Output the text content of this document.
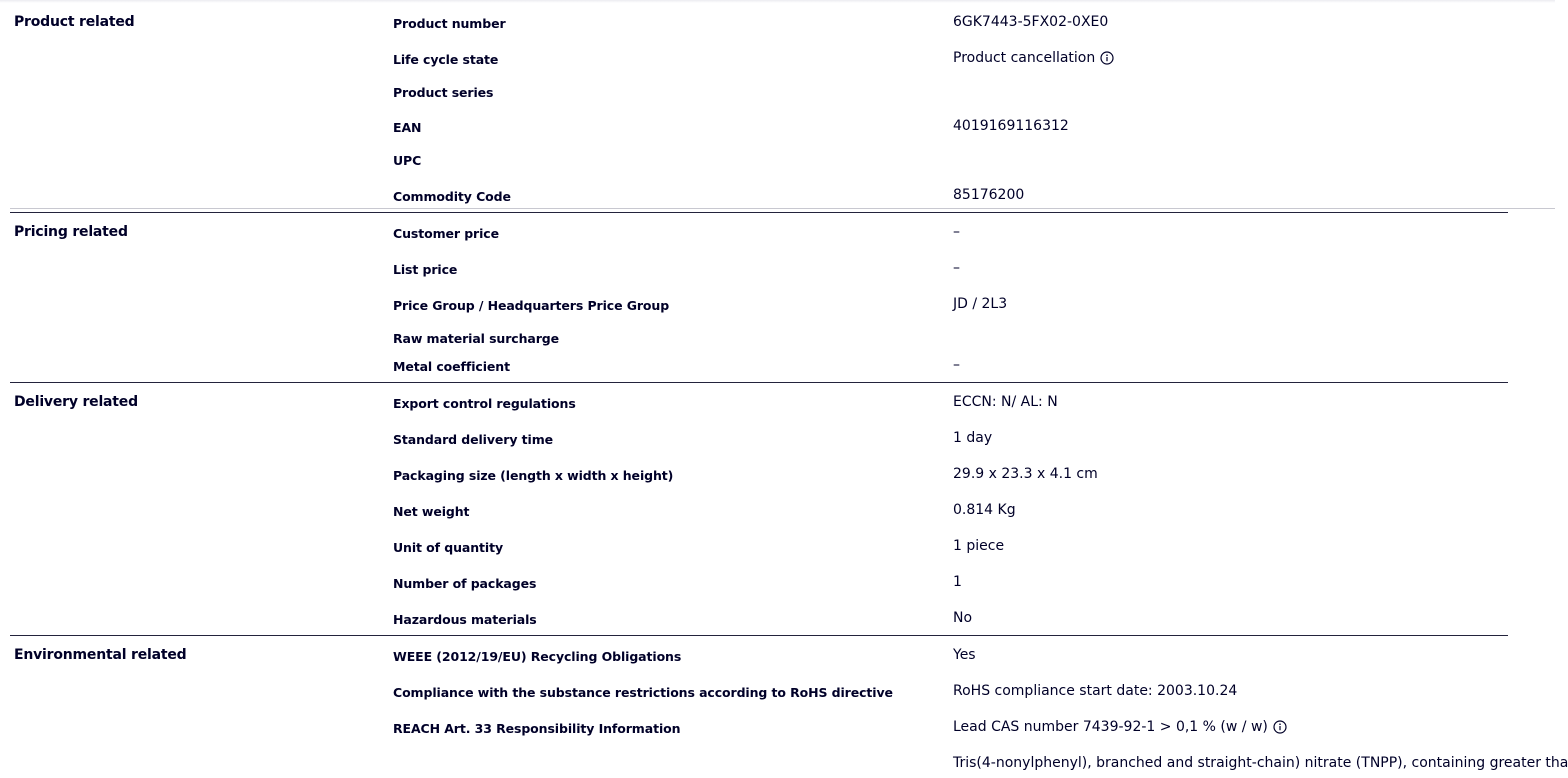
Product related	Product number	6GK7443-5FX02-0XE0
Life cycle state	Product cancellation
Product series
EAN	4019169116312
UPC
Commodity Code	85176200
Pricing related	Customer price	–
List price	–
Price Group / Headquarters Price Group	JD / 2L3
Raw material surcharge
Metal coefficient	–
Delivery related	Export control regulations	ECCN: N/ AL: N
Standard delivery time	1 day
Packaging size (length x width x height)	29.9 x 23.3 x 4.1 cm
Net weight	0.814 Kg
Unit of quantity	1 piece
Number of packages	1
Hazardous materials	No
Environmental related	WEEE (2012/19/EU) Recycling Obligations	Yes
Compliance with the substance restrictions according to RoHS directive	RoHS compliance start date: 2003.10.24
REACH Art. 33 Responsibility Information	Lead CAS number 7439-92-1 > 0,1 % (w / w)
Tris(4-nonylphenyl), branched and straight-chain) nitrate (TNPP), containing greater tha
